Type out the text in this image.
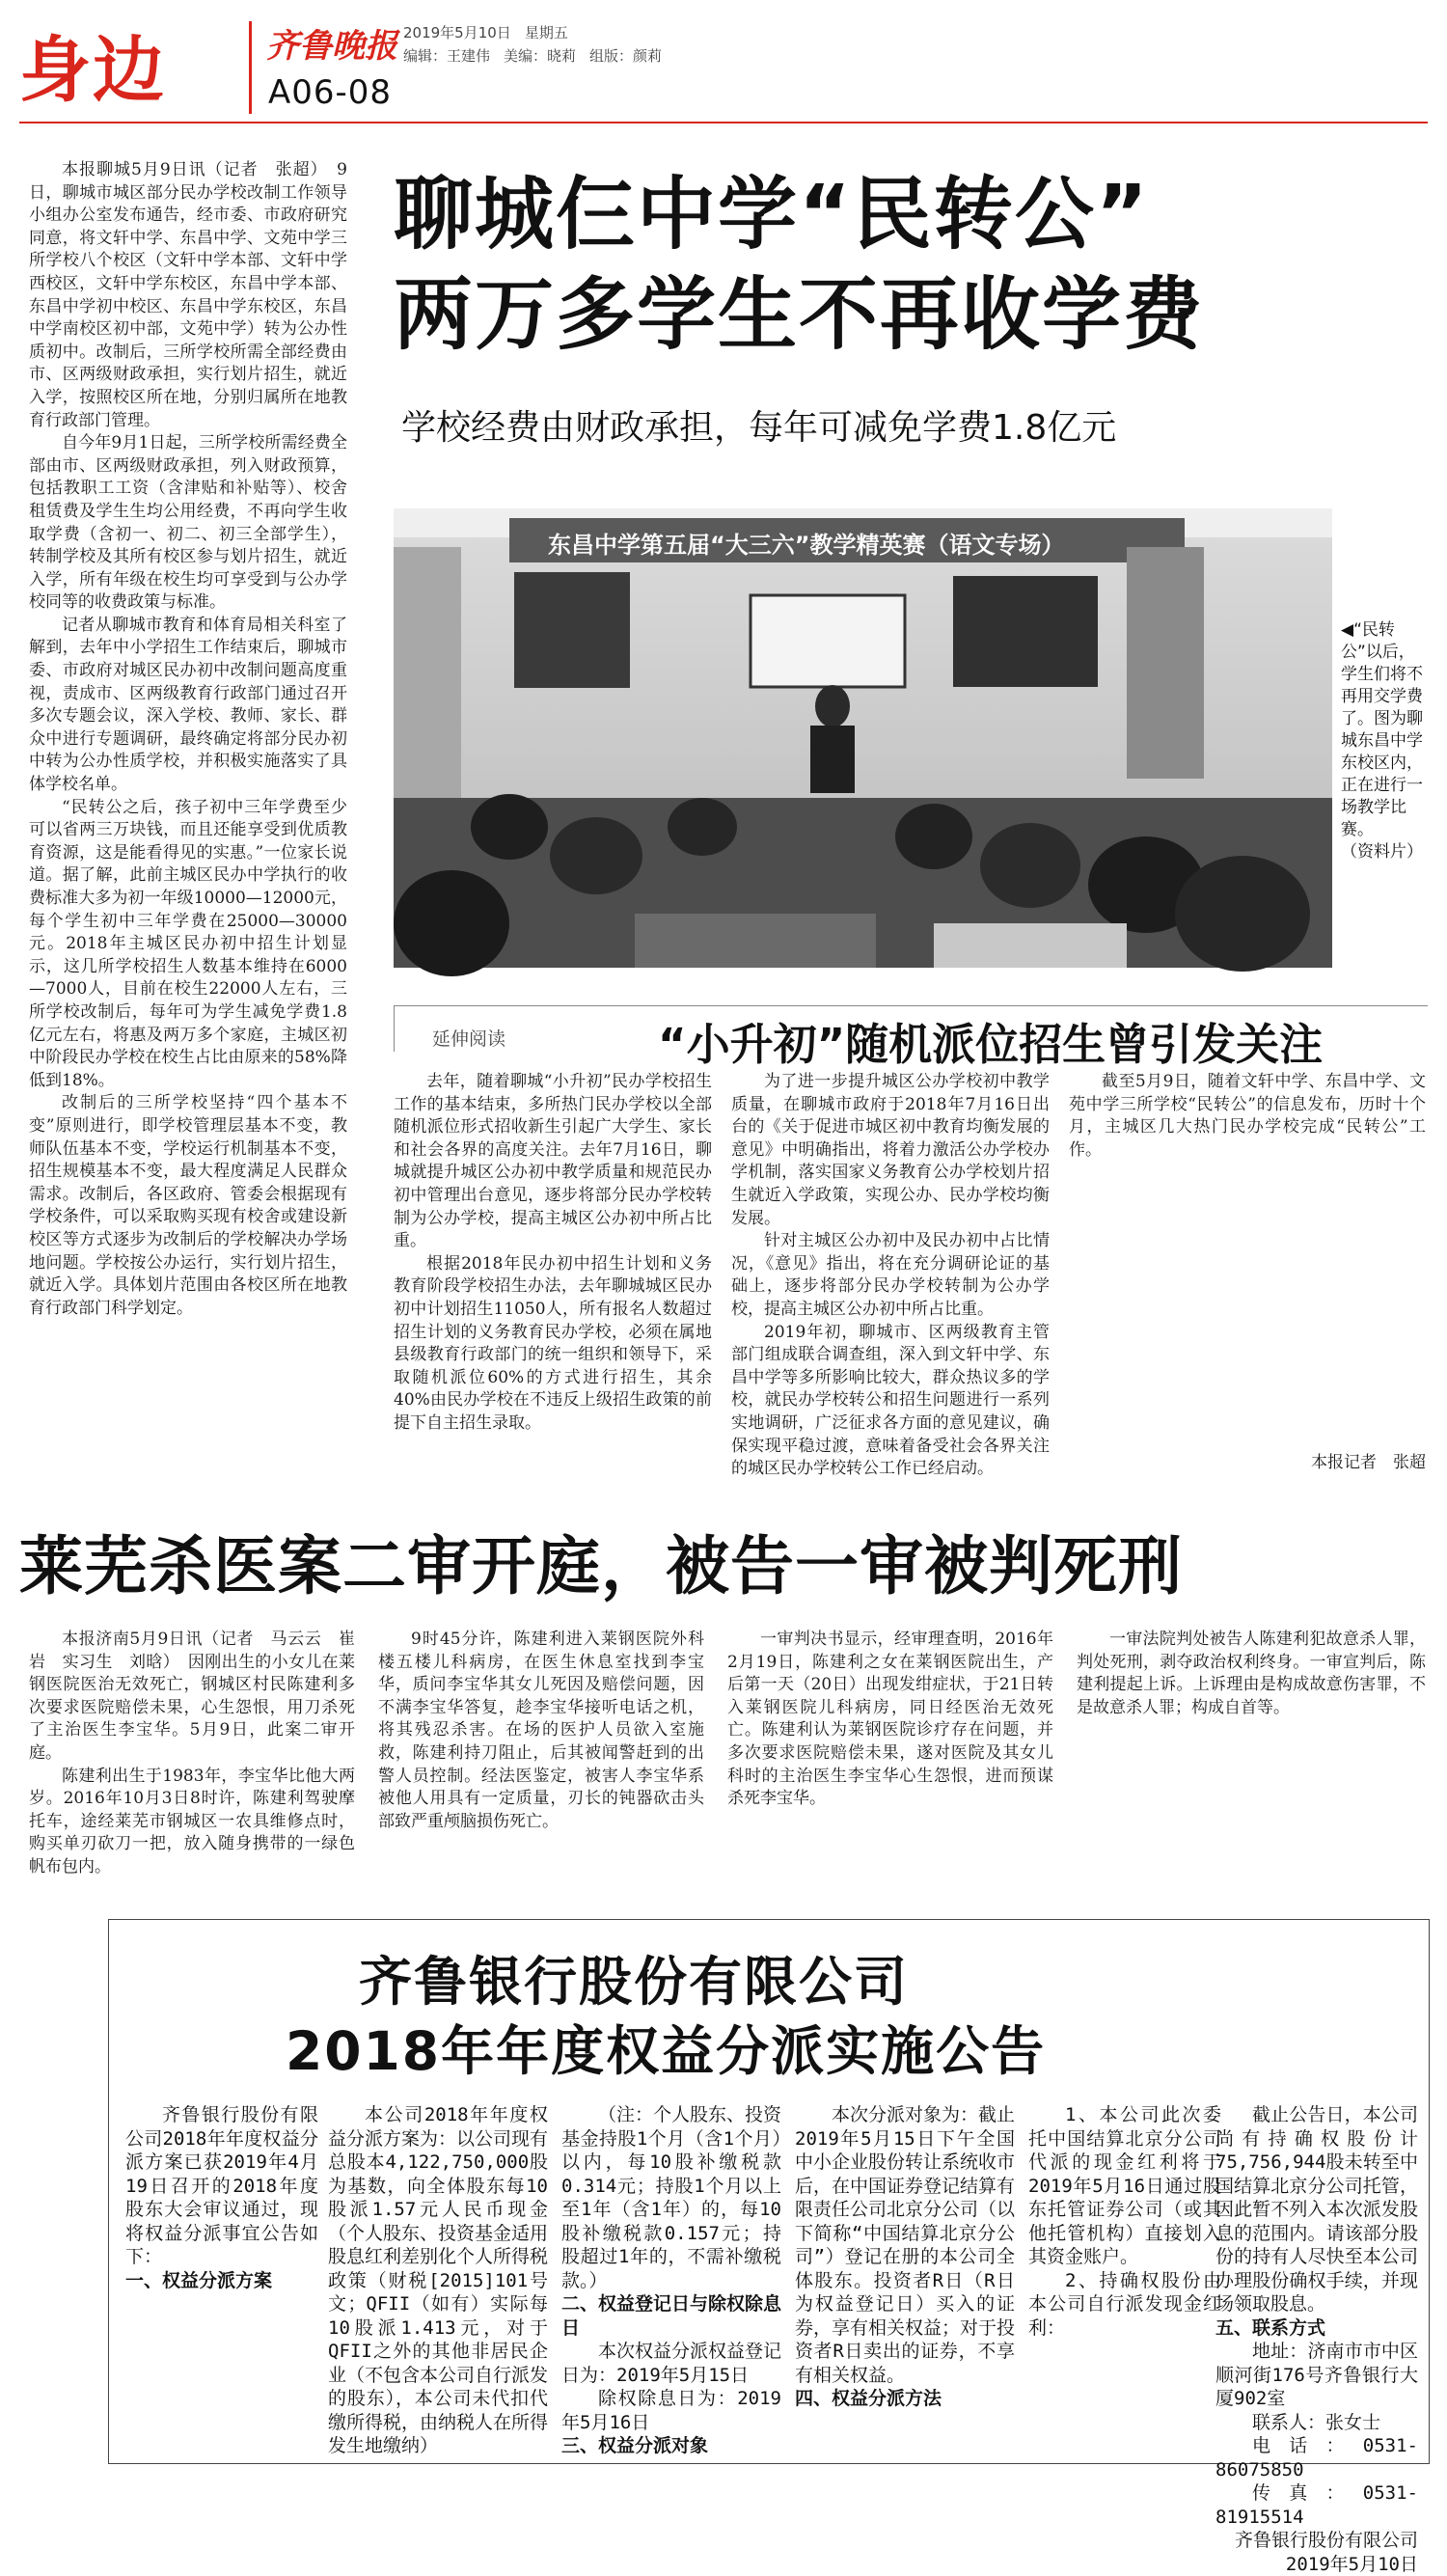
身边	齐鲁晚报
A06-08
2019年5月10日 星期五
编辑：王建伟 美编：晓莉 组版：颜莉

本报聊城5月9日讯（记者　张超）　9日，聊城市城区部分民办学校改制工作领导小组办公室发布通告，经市委、市政府研究同意，将文轩中学、东昌中学、文苑中学三所学校八个校区（文轩中学本部、文轩中学西校区，文轩中学东校区，东昌中学本部、东昌中学初中校区、东昌中学东校区，东昌中学南校区初中部，文苑中学）转为公办性质初中。改制后，三所学校所需全部经费由市、区两级财政承担，实行划片招生，就近入学，按照校区所在地，分别归属所在地教育行政部门管理。

自今年9月1日起，三所学校所需经费全部由市、区两级财政承担，列入财政预算，包括教职工工资（含津贴和补贴等）、校舍租赁费及学生生均公用经费，不再向学生收取学费（含初一、初二、初三全部学生），转制学校及其所有校区参与划片招生，就近入学，所有年级在校生均可享受到与公办学校同等的收费政策与标准。

记者从聊城市教育和体育局相关科室了解到，去年中小学招生工作结束后，聊城市委、市政府对城区民办初中改制问题高度重视，责成市、区两级教育行政部门通过召开多次专题会议，深入学校、教师、家长、群众中进行专题调研，最终确定将部分民办初中转为公办性质学校，并积极实施落实了具体学校名单。

“民转公之后，孩子初中三年学费至少可以省两三万块钱，而且还能享受到优质教育资源，这是能看得见的实惠。”一位家长说道。据了解，此前主城区民办中学执行的收费标准大多为初一年级10000—12000元，每个学生初中三年学费在25000—30000元。2018年主城区民办初中招生计划显示，这几所学校招生人数基本维持在6000—7000人，目前在校生22000人左右，三所学校改制后，每年可为学生减免学费1.8亿元左右，将惠及两万多个家庭，主城区初中阶段民办学校在校生占比由原来的58%降低到18%。

改制后的三所学校坚持“四个基本不变”原则进行，即学校管理层基本不变，教师队伍基本不变，学校运行机制基本不变，招生规模基本不变，最大程度满足人民群众需求。改制后，各区政府、管委会根据现有学校条件，可以采取购买现有校舍或建设新校区等方式逐步为改制后的学校解决办学场地问题。学校按公办运行，实行划片招生，就近入学。具体划片范围由各校区所在地教育行政部门科学划定。

聊城仨中学“民转公”
两万多学生不再收学费
学校经费由财政承担，每年可减免学费1.8亿元
东昌中学第五届“大三六”教学精英赛（语文专场）
◀“民转公”以后，学生们将不再用交学费了。图为聊城东昌中学东校区内，正在进行一场教学比赛。
（资料片）
延伸阅读	“小升初”随机派位招生曾引发关注

去年，随着聊城“小升初”民办学校招生工作的基本结束，多所热门民办学校以全部随机派位形式招收新生引起广大学生、家长和社会各界的高度关注。去年7月16日，聊城就提升城区公办初中教学质量和规范民办初中管理出台意见，逐步将部分民办学校转制为公办学校，提高主城区公办初中所占比重。

根据2018年民办初中招生计划和义务教育阶段学校招生办法，去年聊城城区民办初中计划招生11050人，所有报名人数超过招生计划的义务教育民办学校，必须在属地县级教育行政部门的统一组织和领导下，采取随机派位60%的方式进行招生，其余40%由民办学校在不违反上级招生政策的前提下自主招生录取。

为了进一步提升城区公办学校初中教学质量，在聊城市政府于2018年7月16日出台的《关于促进市城区初中教育均衡发展的意见》中明确指出，将着力激活公办学校办学机制，落实国家义务教育公办学校划片招生就近入学政策，实现公办、民办学校均衡发展。

针对主城区公办初中及民办初中占比情况，《意见》指出，将在充分调研论证的基础上，逐步将部分民办学校转制为公办学校，提高主城区公办初中所占比重。

2019年初，聊城市、区两级教育主管部门组成联合调查组，深入到文轩中学、东昌中学等多所影响比较大，群众热议多的学校，就民办学校转公和招生问题进行一系列实地调研，广泛征求各方面的意见建议，确保实现平稳过渡，意味着备受社会各界关注的城区民办学校转公工作已经启动。

截至5月9日，随着文轩中学、东昌中学、文苑中学三所学校“民转公”的信息发布，历时十个月，主城区几大热门民办学校完成“民转公”工作。

本报记者　张超
莱芜杀医案二审开庭，被告一审被判死刑

本报济南5月9日讯（记者　马云云　崔岩　实习生　刘晗）　因刚出生的小女儿在莱钢医院医治无效死亡，钢城区村民陈建利多次要求医院赔偿未果，心生怨恨，用刀杀死了主治医生李宝华。5月9日，此案二审开庭。

陈建利出生于1983年，李宝华比他大两岁。2016年10月3日8时许，陈建利驾驶摩托车，途经莱芜市钢城区一农具维修点时，购买单刃砍刀一把，放入随身携带的一绿色帆布包内。

9时45分许，陈建利进入莱钢医院外科楼五楼儿科病房，在医生休息室找到李宝华，质问李宝华其女儿死因及赔偿问题，因不满李宝华答复，趁李宝华接听电话之机，将其残忍杀害。在场的医护人员欲入室施救，陈建利持刀阻止，后其被闻警赶到的出警人员控制。经法医鉴定，被害人李宝华系被他人用具有一定质量，刃长的钝器砍击头部致严重颅脑损伤死亡。

一审判决书显示，经审理查明，2016年2月19日，陈建利之女在莱钢医院出生，产后第一天（20日）出现发绀症状，于21日转入莱钢医院儿科病房，同日经医治无效死亡。陈建利认为莱钢医院诊疗存在问题，并多次要求医院赔偿未果，遂对医院及其女儿科时的主治医生李宝华心生怨恨，进而预谋杀死李宝华。

一审法院判处被告人陈建利犯故意杀人罪，判处死刑，剥夺政治权利终身。一审宣判后，陈建利提起上诉。上诉理由是构成故意伤害罪，不是故意杀人罪；构成自首等。

齐鲁银行股份有限公司
2018年年度权益分派实施公告

齐鲁银行股份有限公司2018年年度权益分派方案已获2019年4月19日召开的2018年度股东大会审议通过，现将权益分派事宜公告如下：

一、权益分派方案

本公司2018年年度权益分派方案为：以公司现有总股本4,122,750,000股为基数，向全体股东每10股派1.57元人民币现金（个人股东、投资基金适用股息红利差别化个人所得税政策（财税[2015]101号文；QFII（如有）实际每10股派1.413元，对于QFII之外的其他非居民企业（不包含本公司自行派发的股东），本公司未代扣代缴所得税，由纳税人在所得发生地缴纳）

（注：个人股东、投资基金持股1个月（含1个月）以内，每10股补缴税款0.314元；持股1个月以上至1年（含1年）的，每10股补缴税款0.157元；持股超过1年的，不需补缴税款。）

二、权益登记日与除权除息日

本次权益分派权益登记日为：2019年5月15日

除权除息日为：2019年5月16日

三、权益分派对象

本次分派对象为：截止2019年5月15日下午全国中小企业股份转让系统收市后，在中国证券登记结算有限责任公司北京分公司（以下简称“中国结算北京分公司”）登记在册的本公司全体股东。投资者R日（R日为权益登记日）买入的证券，享有相关权益；对于投资者R日卖出的证券，不享有相关权益。

四、权益分派方法

1、本公司此次委托中国结算北京分公司代派的现金红利将于2019年5月16日通过股东托管证券公司（或其他托管机构）直接划入其资金账户。

2、持确权股份由本公司自行派发现金红利：

截止公告日，本公司尚有持确权股份计75,756,944股未转至中国结算北京分公司托管，因此暂不列入本次派发股息的范围内。请该部分股份的持有人尽快至本公司办理股份确权手续，并现场领取股息。

五、联系方式

地址：济南市市中区顺河街176号齐鲁银行大厦902室

联系人：张女士

电话：0531-86075850

传真：0531-81915514

齐鲁银行股份有限公司

2019年5月10日
